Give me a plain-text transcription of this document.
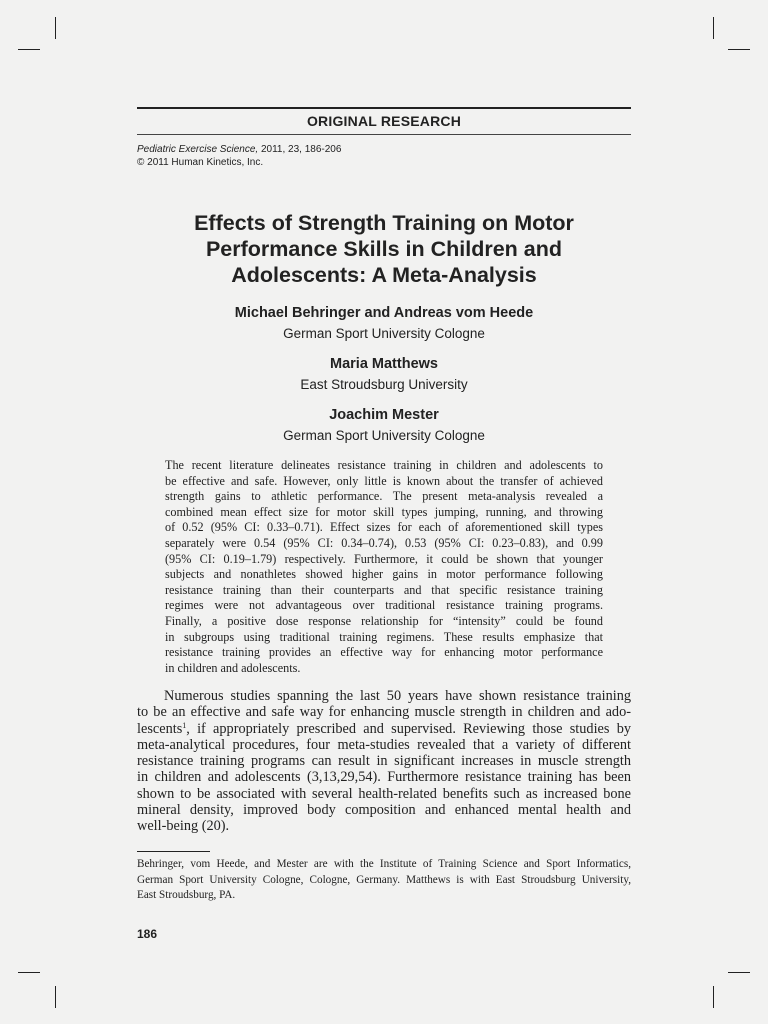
ORIGINAL RESEARCH
Pediatric Exercise Science, 2011, 23, 186-206
© 2011 Human Kinetics, Inc.
Effects of Strength Training on Motor
Performance Skills in Children and
Adolescents: A Meta-Analysis
Michael Behringer and Andreas vom Heede
German Sport University Cologne
Maria Matthews
East Stroudsburg University
Joachim Mester
German Sport University Cologne
The recent literature delineates resistance training in children and adolescents to
be effective and safe. However, only little is known about the transfer of achieved
strength gains to athletic performance. The present meta-analysis revealed a
combined mean effect size for motor skill types jumping, running, and throwing
of 0.52 (95% CI: 0.33–0.71). Effect sizes for each of aforementioned skill types
separately were 0.54 (95% CI: 0.34–0.74), 0.53 (95% CI: 0.23–0.83), and 0.99
(95% CI: 0.19–1.79) respectively. Furthermore, it could be shown that younger
subjects and nonathletes showed higher gains in motor performance following
resistance training than their counterparts and that specific resistance training
regimes were not advantageous over traditional resistance training programs.
Finally, a positive dose response relationship for “intensity” could be found
in subgroups using traditional training regimens. These results emphasize that
resistance training provides an effective way for enhancing motor performance
in children and adolescents.
Numerous studies spanning the last 50 years have shown resistance training
to be an effective and safe way for enhancing muscle strength in children and ado-
lescents$^1$, if appropriately prescribed and supervised. Reviewing those studies by
meta-analytical procedures, four meta-studies revealed that a variety of different
resistance training programs can result in significant increases in muscle strength
in children and adolescents (3,13,29,54). Furthermore resistance training has been
shown to be associated with several health-related benefits such as increased bone
mineral density, improved body composition and enhanced mental health and
well-being (20).
Behringer, vom Heede, and Mester are with the Institute of Training Science and Sport Informatics,
German Sport University Cologne, Cologne, Germany. Matthews is with East Stroudsburg University,
East Stroudsburg, PA.
186
